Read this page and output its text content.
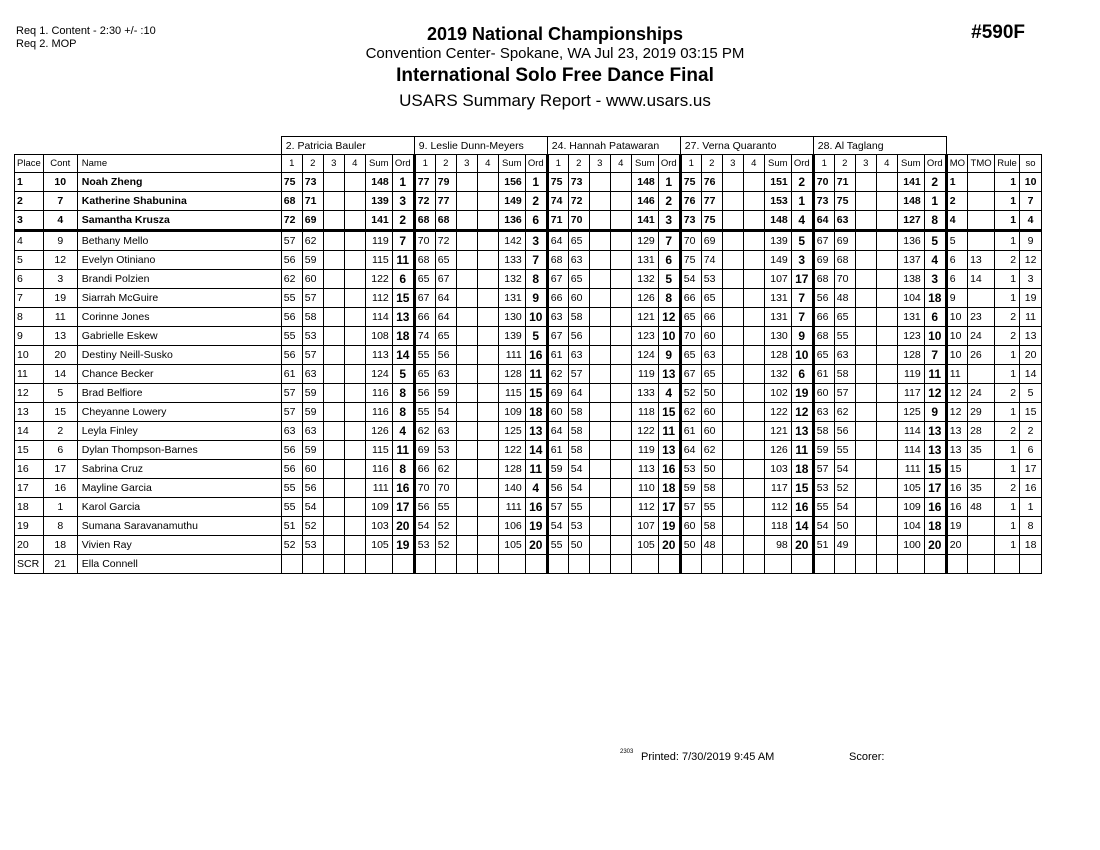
Req 1. Content - 2:30 +/- :10
Req 2. MOP
#590F
2019 National Championships
Convention Center- Spokane, WA Jul 23, 2019 03:15 PM
International Solo Free Dance Final
USARS Summary Report - www.usars.us
			2. Patricia Bauler						9. Leslie Dunn-Meyers						24. Hannah Patawaran						27. Verna Quaranto						28. Al Taglang									
Place	Cont	Name	1	2	3	4	Sum	Ord	1	2	3	4	Sum	Ord	1	2	3	4	Sum	Ord	1	2	3	4	Sum	Ord	1	2	3	4	Sum	Ord	MO	TMO	Rule	so
1	10	Noah Zheng	75	73			148	1	77	79			156	1	75	73			148	1	75	76			151	2	70	71			141	2	1		1	10
2	7	Katherine Shabunina	68	71			139	3	72	77			149	2	74	72			146	2	76	77			153	1	73	75			148	1	2		1	7
3	4	Samantha Krusza	72	69			141	2	68	68			136	6	71	70			141	3	73	75			148	4	64	63			127	8	4		1	4
4	9	Bethany Mello	57	62			119	7	70	72			142	3	64	65			129	7	70	69			139	5	67	69			136	5	5		1	9
5	12	Evelyn Otiniano	56	59			115	11	68	65			133	7	68	63			131	6	75	74			149	3	69	68			137	4	6	13	2	12
6	3	Brandi Polzien	62	60			122	6	65	67			132	8	67	65			132	5	54	53			107	17	68	70			138	3	6	14	1	3
7	19	Siarrah McGuire	55	57			112	15	67	64			131	9	66	60			126	8	66	65			131	7	56	48			104	18	9		1	19
8	11	Corinne Jones	56	58			114	13	66	64			130	10	63	58			121	12	65	66			131	7	66	65			131	6	10	23	2	11
9	13	Gabrielle Eskew	55	53			108	18	74	65			139	5	67	56			123	10	70	60			130	9	68	55			123	10	10	24	2	13
10	20	Destiny Neill-Susko	56	57			113	14	55	56			111	16	61	63			124	9	65	63			128	10	65	63			128	7	10	26	1	20
11	14	Chance Becker	61	63			124	5	65	63			128	11	62	57			119	13	67	65			132	6	61	58			119	11	11		1	14
12	5	Brad Belfiore	57	59			116	8	56	59			115	15	69	64			133	4	52	50			102	19	60	57			117	12	12	24	2	5
13	15	Cheyanne Lowery	57	59			116	8	55	54			109	18	60	58			118	15	62	60			122	12	63	62			125	9	12	29	1	15
14	2	Leyla Finley	63	63			126	4	62	63			125	13	64	58			122	11	61	60			121	13	58	56			114	13	13	28	2	2
15	6	Dylan Thompson-Barnes	56	59			115	11	69	53			122	14	61	58			119	13	64	62			126	11	59	55			114	13	13	35	1	6
16	17	Sabrina Cruz	56	60			116	8	66	62			128	11	59	54			113	16	53	50			103	18	57	54			111	15	15		1	17
17	16	Mayline Garcia	55	56			111	16	70	70			140	4	56	54			110	18	59	58			117	15	53	52			105	17	16	35	2	16
18	1	Karol Garcia	55	54			109	17	56	55			111	16	57	55			112	17	57	55			112	16	55	54			109	16	16	48	1	1
19	8	Sumana Saravanamuthu	51	52			103	20	54	52			106	19	54	53			107	19	60	58			118	14	54	50			104	18	19		1	8
20	18	Vivien Ray	52	53			105	19	53	52			105	20	55	50			105	20	50	48			98	20	51	49			100	20	20		1	18
SCR	21	Ella Connell																																		
2303 Printed: 7/30/2019 9:45 AM	Scorer:
